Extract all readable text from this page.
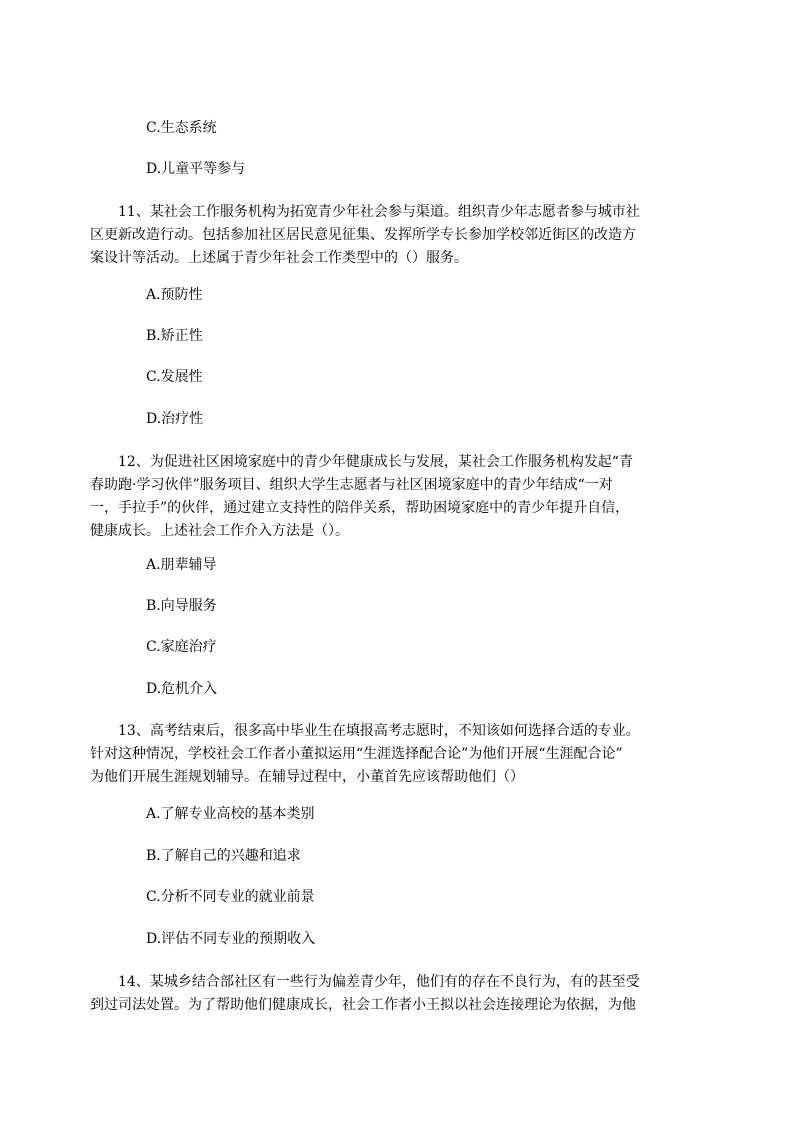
C.生态系统
D.儿童平等参与

11、某社会工作服务机构为拓宽青少年社会参与渠道。组织青少年志愿者参与城市社

区更新改造行动。包括参加社区居民意见征集、发挥所学专长参加学校邻近街区的改造方

案设计等活动。上述属于青少年社会工作类型中的（）服务。

A.预防性
B.矫正性
C.发展性
D.治疗性

12、为促进社区困境家庭中的青少年健康成长与发展，某社会工作服务机构发起“青

春助跑·学习伙伴”服务项目、组织大学生志愿者与社区困境家庭中的青少年结成“一对

一，手拉手”的伙伴，通过建立支持性的陪伴关系，帮助困境家庭中的青少年提升自信，

健康成长。上述社会工作介入方法是（）。

A.朋辈辅导
B.向导服务
C.家庭治疗
D.危机介入

13、高考结束后，很多高中毕业生在填报高考志愿时，不知该如何选择合适的专业。

针对这种情况，学校社会工作者小董拟运用“生涯选择配合论”为他们开展“生涯配合论”

为他们开展生涯规划辅导。在辅导过程中，小董首先应该帮助他们（）

A.了解专业高校的基本类别
B.了解自己的兴趣和追求
C.分析不同专业的就业前景
D.评估不同专业的预期收入

14、某城乡结合部社区有一些行为偏差青少年，他们有的存在不良行为，有的甚至受

到过司法处置。为了帮助他们健康成长，社会工作者小王拟以社会连接理论为依据，为他
